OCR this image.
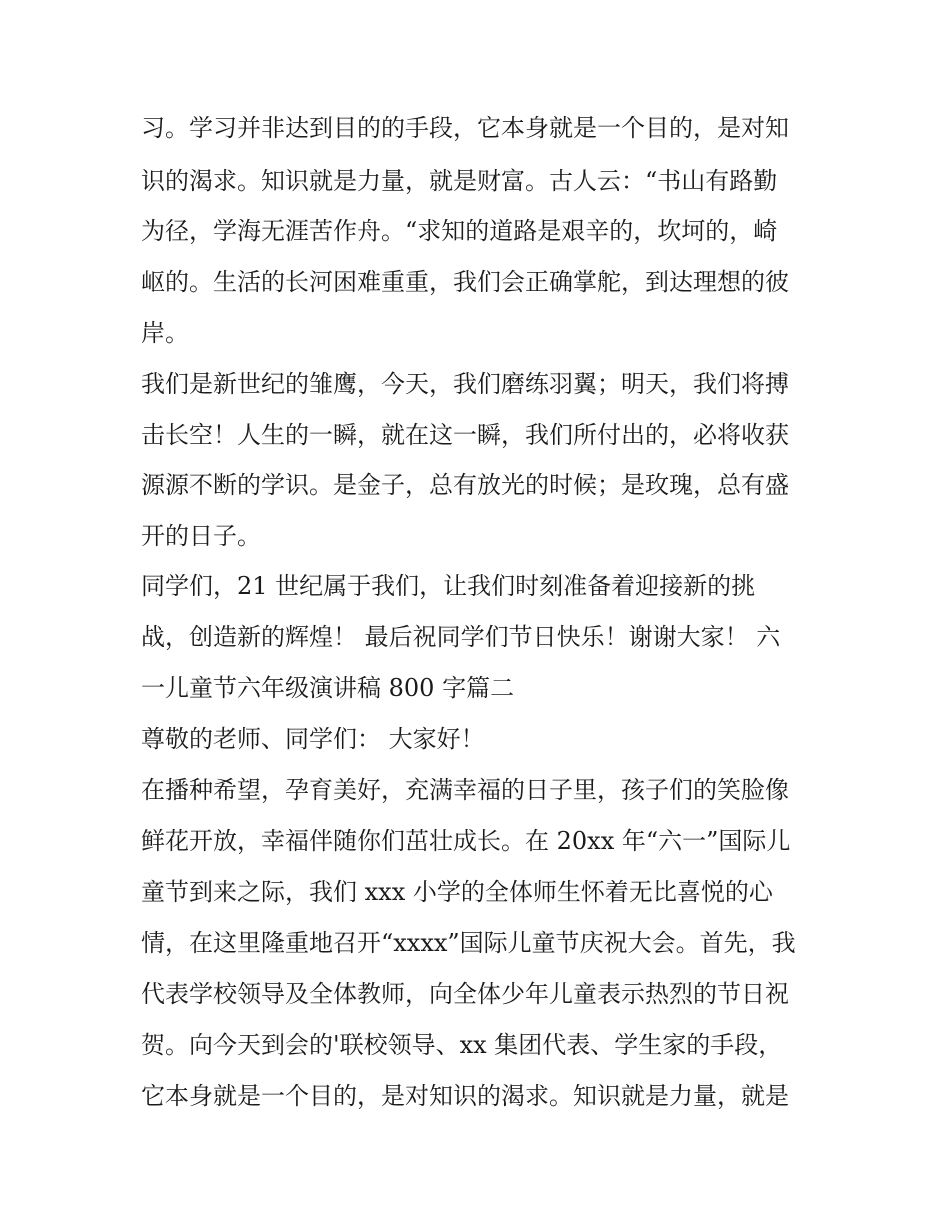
习。学习并非达到目的的手段，它本身就是一个目的，是对知
识的渴求。知识就是力量，就是财富。古人云：“书山有路勤
为径，学海无涯苦作舟。“求知的道路是艰辛的，坎坷的，崎
岖的。生活的长河困难重重，我们会正确掌舵，到达理想的彼
岸。
我们是新世纪的雏鹰，今天，我们磨练羽翼；明天，我们将搏
击长空！人生的一瞬，就在这一瞬，我们所付出的，必将收获
源源不断的学识。是金子，总有放光的时候；是玫瑰，总有盛
开的日子。
同学们，21 世纪属于我们，让我们时刻准备着迎接新的挑
战，创造新的辉煌！ 最后祝同学们节日快乐！谢谢大家！ 六
一儿童节六年级演讲稿 800 字篇二
尊敬的老师、同学们： 大家好！
在播种希望，孕育美好，充满幸福的日子里，孩子们的笑脸像
鲜花开放，幸福伴随你们茁壮成长。在 20xx 年“六一”国际儿
童节到来之际，我们 xxx 小学的全体师生怀着无比喜悦的心
情，在这里隆重地召开“xxxx”国际儿童节庆祝大会。首先，我
代表学校领导及全体教师，向全体少年儿童表示热烈的节日祝
贺。向今天到会的'联校领导、xx 集团代表、学生家的手段，
它本身就是一个目的，是对知识的渴求。知识就是力量，就是
